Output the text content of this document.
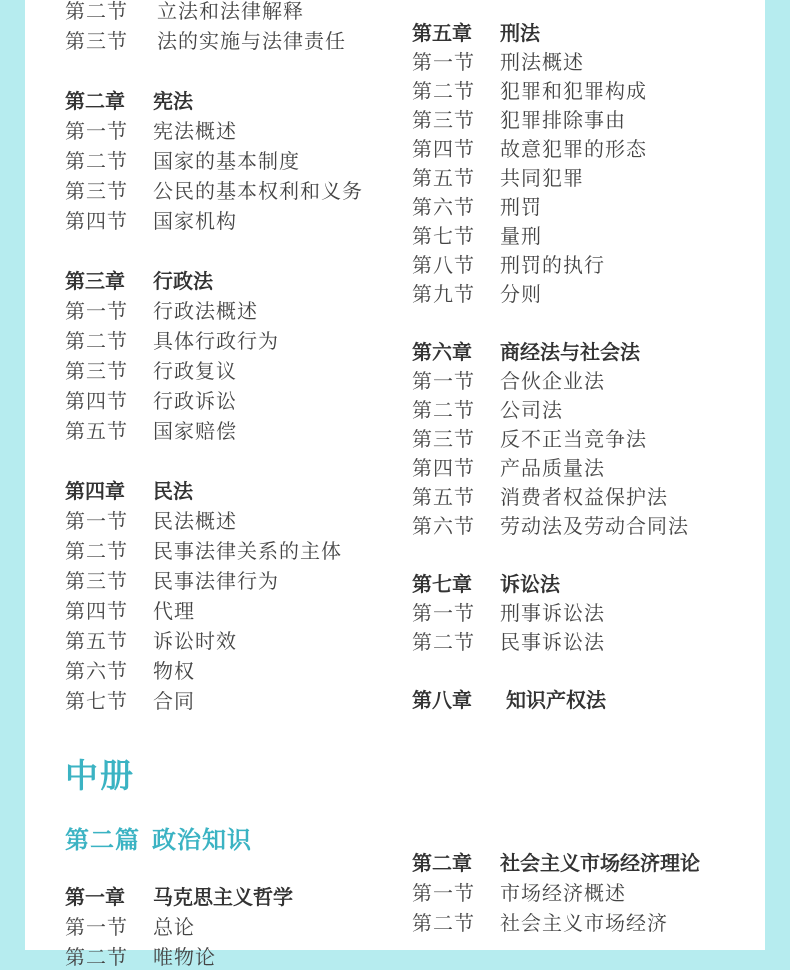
第二节 立法和法律解释
第三节 法的实施与法律责任
第二章 宪法
第一节 宪法概述
第二节 国家的基本制度
第三节 公民的基本权利和义务
第四节 国家机构
第三章 行政法
第一节 行政法概述
第二节 具体行政行为
第三节 行政复议
第四节 行政诉讼
第五节 国家赔偿
第四章 民法
第一节 民法概述
第二节 民事法律关系的主体
第三节 民事法律行为
第四节 代理
第五节 诉讼时效
第六节 物权
第七节 合同
第五章 刑法
第一节 刑法概述
第二节 犯罪和犯罪构成
第三节 犯罪排除事由
第四节 故意犯罪的形态
第五节 共同犯罪
第六节 刑罚
第七节 量刑
第八节 刑罚的执行
第九节 分则
第六章 商经法与社会法
第一节 合伙企业法
第二节 公司法
第三节 反不正当竞争法
第四节 产品质量法
第五节 消费者权益保护法
第六节 劳动法及劳动合同法
第七章 诉讼法
第一节 刑事诉讼法
第二节 民事诉讼法
第八章 知识产权法
中册
第二篇 政治知识
第一章 马克思主义哲学
第一节 总论
第二节 唯物论
第二章 社会主义市场经济理论
第一节 市场经济概述
第二节 社会主义市场经济
